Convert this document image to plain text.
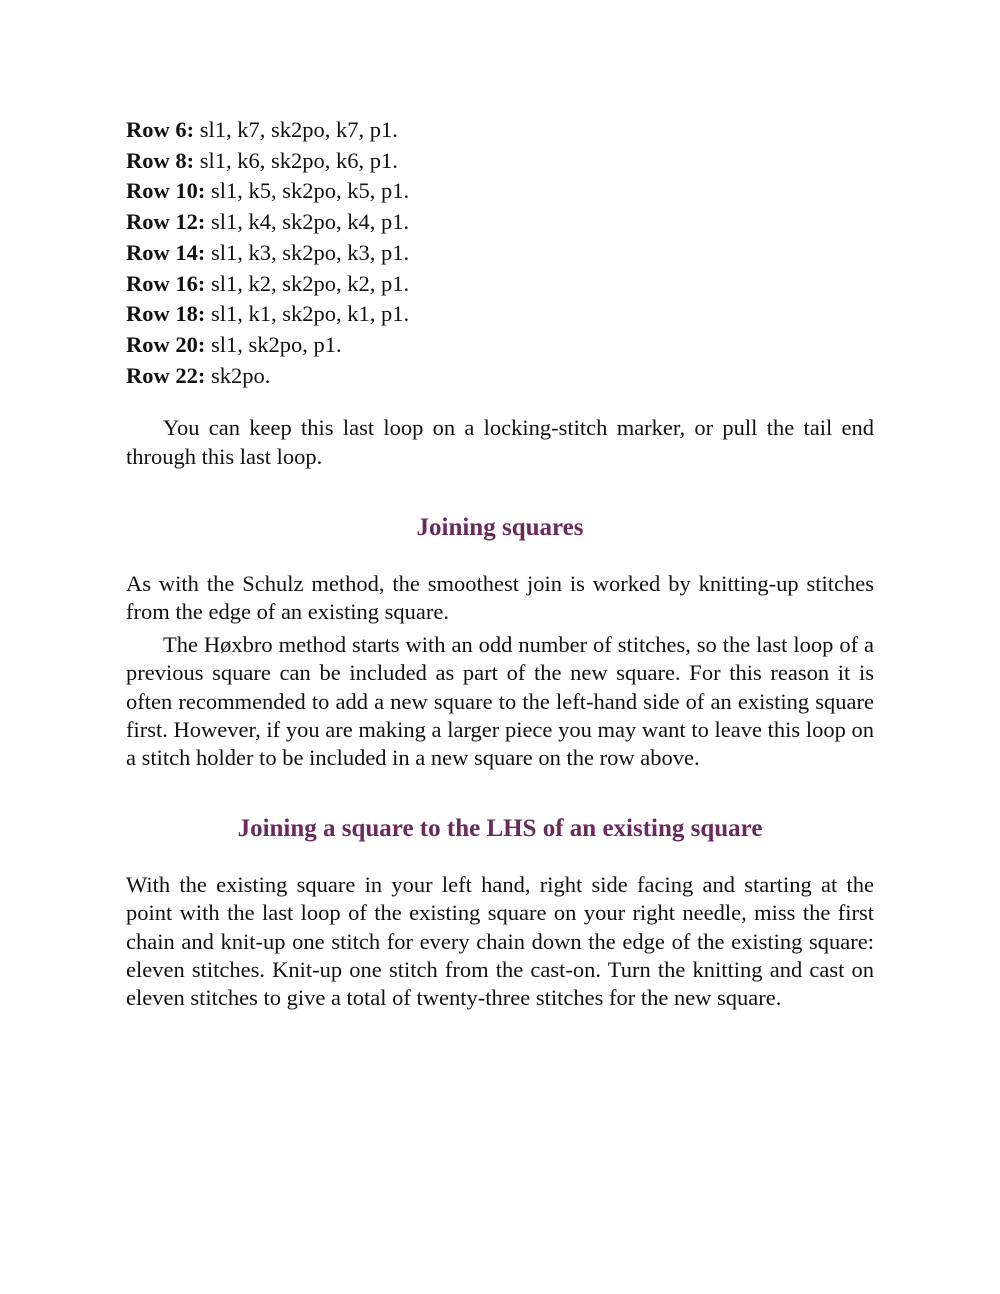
Row 6: sl1, k7, sk2po, k7, p1.
Row 8: sl1, k6, sk2po, k6, p1.
Row 10: sl1, k5, sk2po, k5, p1.
Row 12: sl1, k4, sk2po, k4, p1.
Row 14: sl1, k3, sk2po, k3, p1.
Row 16: sl1, k2, sk2po, k2, p1.
Row 18: sl1, k1, sk2po, k1, p1.
Row 20: sl1, sk2po, p1.
Row 22: sk2po.

You can keep this last loop on a locking-stitch marker, or pull the tail end through this last loop.

Joining squares

As with the Schulz method, the smoothest join is worked by knitting-up stitches from the edge of an existing square.

The Høxbro method starts with an odd number of stitches, so the last loop of a previous square can be included as part of the new square. For this reason it is often recommended to add a new square to the left-hand side of an existing square first. However, if you are making a larger piece you may want to leave this loop on a stitch holder to be included in a new square on the row above.

Joining a square to the LHS of an existing square

With the existing square in your left hand, right side facing and starting at the point with the last loop of the existing square on your right needle, miss the first chain and knit-up one stitch for every chain down the edge of the existing square: eleven stitches. Knit-up one stitch from the cast-on. Turn the knitting and cast on eleven stitches to give a total of twenty-three stitches for the new square.
